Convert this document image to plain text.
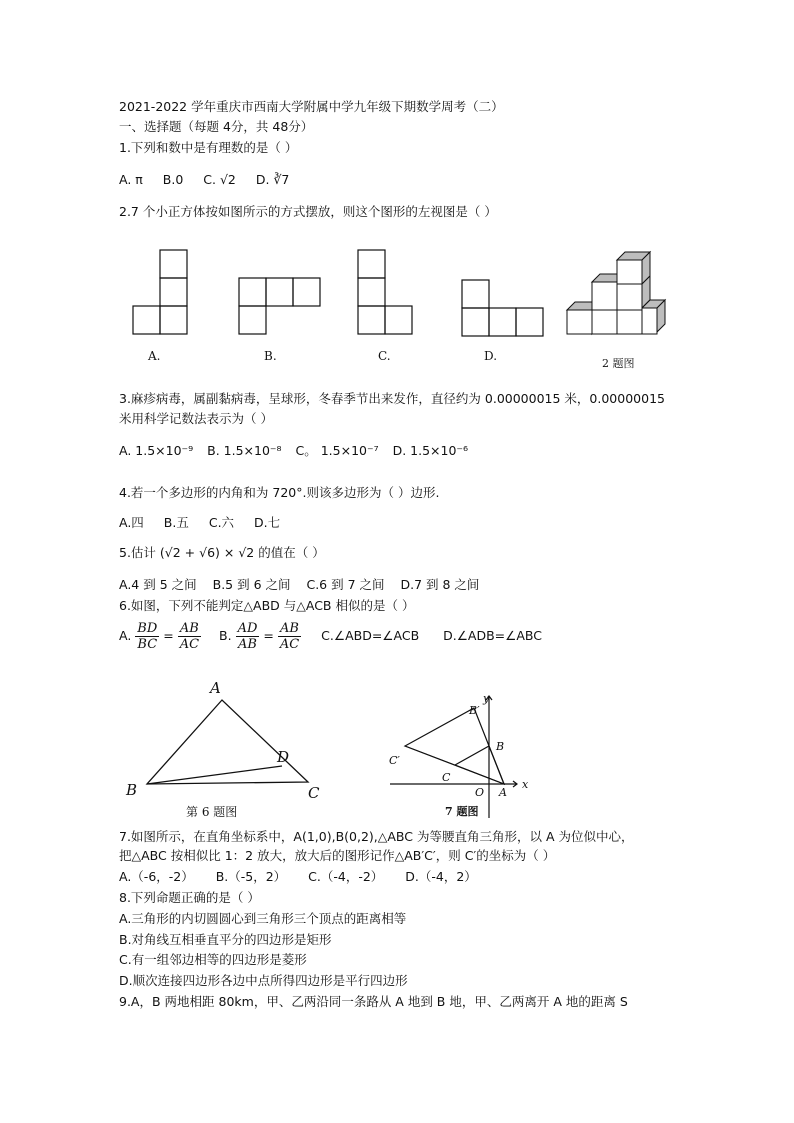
2021-2022 学年重庆市西南大学附属中学九年级下期数学周考（二）
一、选择题（每题 4分，共 48分）
1.下列和数中是有理数的是（ ）
A. π B.0 C. √2 D. ∛7
2.7 个小正方体按如图所示的方式摆放，则这个图形的左视图是（ ）
A.	B.	C.	D.
2 题图
3.麻疹病毒，属副黏病毒，呈球形，冬春季节出来发作，直径约为 0.00000015 米，0.00000015
米用科学记数法表示为（ ）
A. 1.5×10⁻⁹ B. 1.5×10⁻⁸ C。 1.5×10⁻⁷ D. 1.5×10⁻⁶
4.若一个多边形的内角和为 720°.则该多边形为（ ）边形.
A.四 B.五 C.六 D.七
5.估计 (√2 + √6) × √2 的值在（ ）
A.4 到 5 之间 B.5 到 6 之间 C.6 到 7 之间 D.7 到 8 之间
6.如图，下列不能判定△ABD 与△ACB 相似的是（ ）
A. $\frac{BD}{BC} = \frac{AB}{AC} B$. $\frac{AD}{AB} = \frac{AB}{AC}$ C.∠ABD=∠ACB D.∠ADB=∠ABC
A
B	C
D
第 6 题图
y
B′
B
C′
C
O A
x
7 题图
7.如图所示，在直角坐标系中，A(1,0),B(0,2),△ABC 为等腰直角三角形，以 A 为位似中心，
把△ABC 按相似比 1：2 放大，放大后的图形记作△AB′C′，则 C′的坐标为（ ）
A.（-6，-2） B.（-5，2） C.（-4，-2） D.（-4，2）
8.下列命题正确的是（ ）
A.三角形的内切圆圆心到三角形三个顶点的距离相等
B.对角线互相垂直平分的四边形是矩形
C.有一组邻边相等的四边形是菱形
D.顺次连接四边形各边中点所得四边形是平行四边形
9.A，B 两地相距 80km，甲、乙两沿同一条路从 A 地到 B 地，甲、乙两离开 A 地的距离 S
